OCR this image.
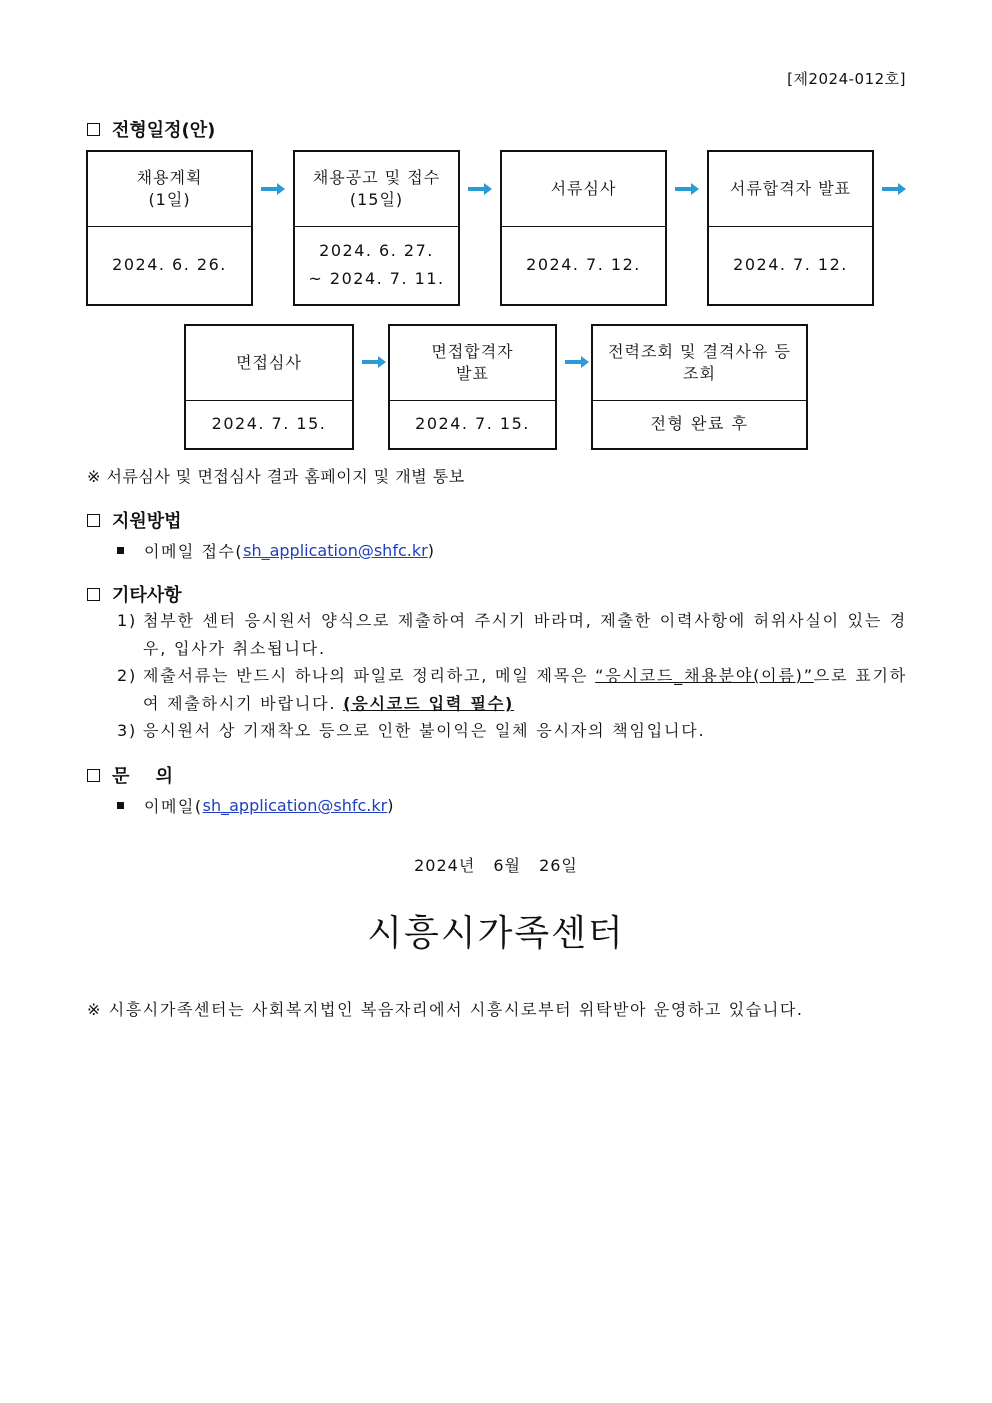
[제2024-012호]
전형일정(안)
채용계획
(1일)
2024. 6. 26.
채용공고 및 접수
(15일)
2024. 6. 27.
~ 2024. 7. 11.
서류심사
2024. 7. 12.
서류합격자 발표
2024. 7. 12.
면접심사
2024. 7. 15.
면접합격자
발표
2024. 7. 15.
전력조회 및 결격사유 등
조회
전형 완료 후
※ 서류심사 및 면접심사 결과 홈페이지 및 개별 통보
지원방법
이메일 접수( sh_application@shfc.kr )
기타사항
1) 첨부한 센터 응시원서 양식으로 제출하여 주시기 바라며, 제출한 이력사항에 허위사실이 있는 경우, 입사가 취소됩니다.
2) 제출서류는 반드시 하나의 파일로 정리하고, 메일 제목은 “응시코드_채용분야(이름)”으로 표기하여 제출하시기 바랍니다. (응시코드 입력 필수)
3) 응시원서 상 기재착오 등으로 인한 불이익은 일체 응시자의 책임입니다.
문 의
이메일( sh_application@shfc.kr )
2024년 6월 26일
시흥시가족센터
※ 시흥시가족센터는 사회복지법인 복음자리에서 시흥시로부터 위탁받아 운영하고 있습니다.
